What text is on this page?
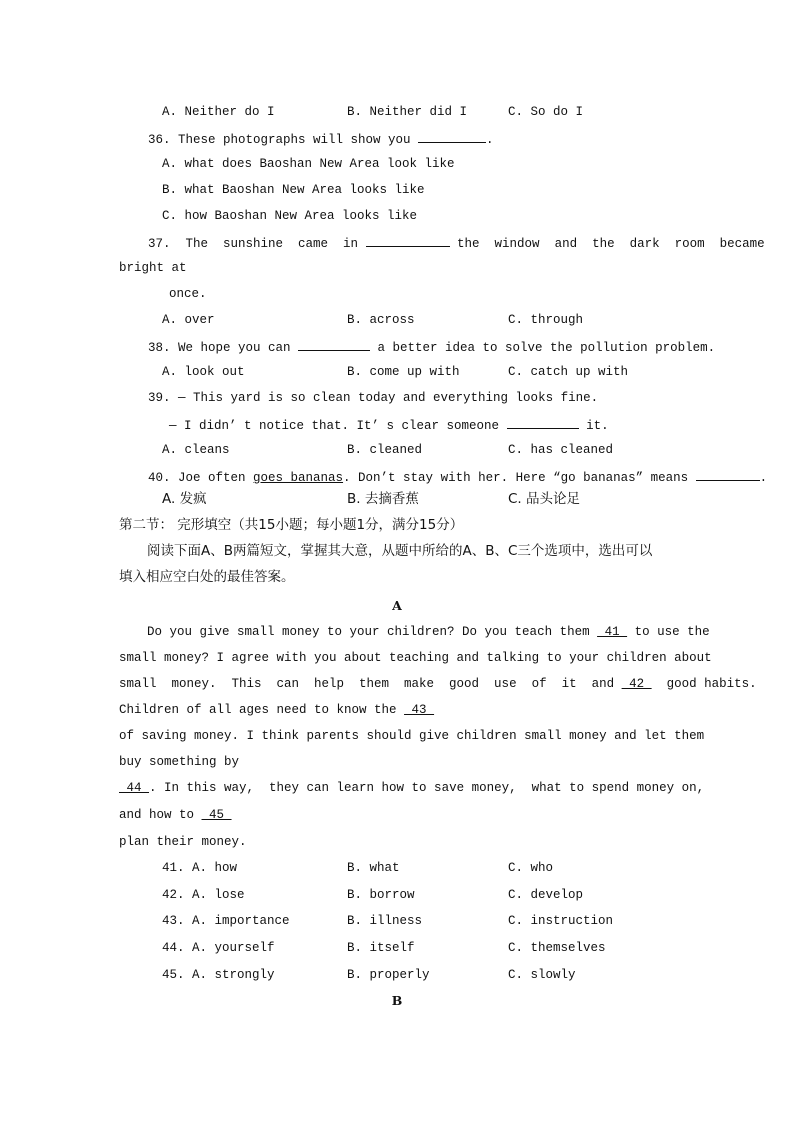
A. Neither do I	B. Neither did I	C. So do I
36. These photographs will show you	.
A. what does Baoshan New Area look like
B. what Baoshan New Area looks like
C. how Baoshan New Area looks like
37.  The  sunshine  came  in	the  window  and  the  dark  room  became
bright at
once.
A. over	B. across	C. through
38. We hope you can	a better idea to solve the pollution problem.
A. look out	B. come up with	C. catch up with
39. — This yard is so clean today and everything looks fine.
— I didn’ t notice that. It’ s clear someone	it.
A. cleans	B. cleaned	C. has cleaned
40. Joe often goes bananas. Don’t stay with her. Here “go bananas” means	.
A. 发疯	B. 去摘香蕉	C. 品头论足
第二节： 完形填空（共15小题；每小题1分，满分15分）
阅读下面A、B两篇短文，掌握其大意，从题中所给的A、B、C三个选项中，选出可以
填入相应空白处的最佳答案。
A
Do you give small money to your children? Do you teach them  41  to use the
small money? I agree with you about teaching and talking to your children about
small  money.  This  can  help  them  make  good  use  of  it  and  42   good habits.
Children of all ages need to know the  43
of saving money. I think parents should give children small money and let them
buy something by
44 . In this way,  they can learn how to save money,  what to spend money on,
and how to  45
plan their money.
41. A. how	B. what	C. who
42. A. lose	B. borrow	C. develop
43. A. importance	B. illness	C. instruction
44. A. yourself	B. itself	C. themselves
45. A. strongly	B. properly	C. slowly
B
